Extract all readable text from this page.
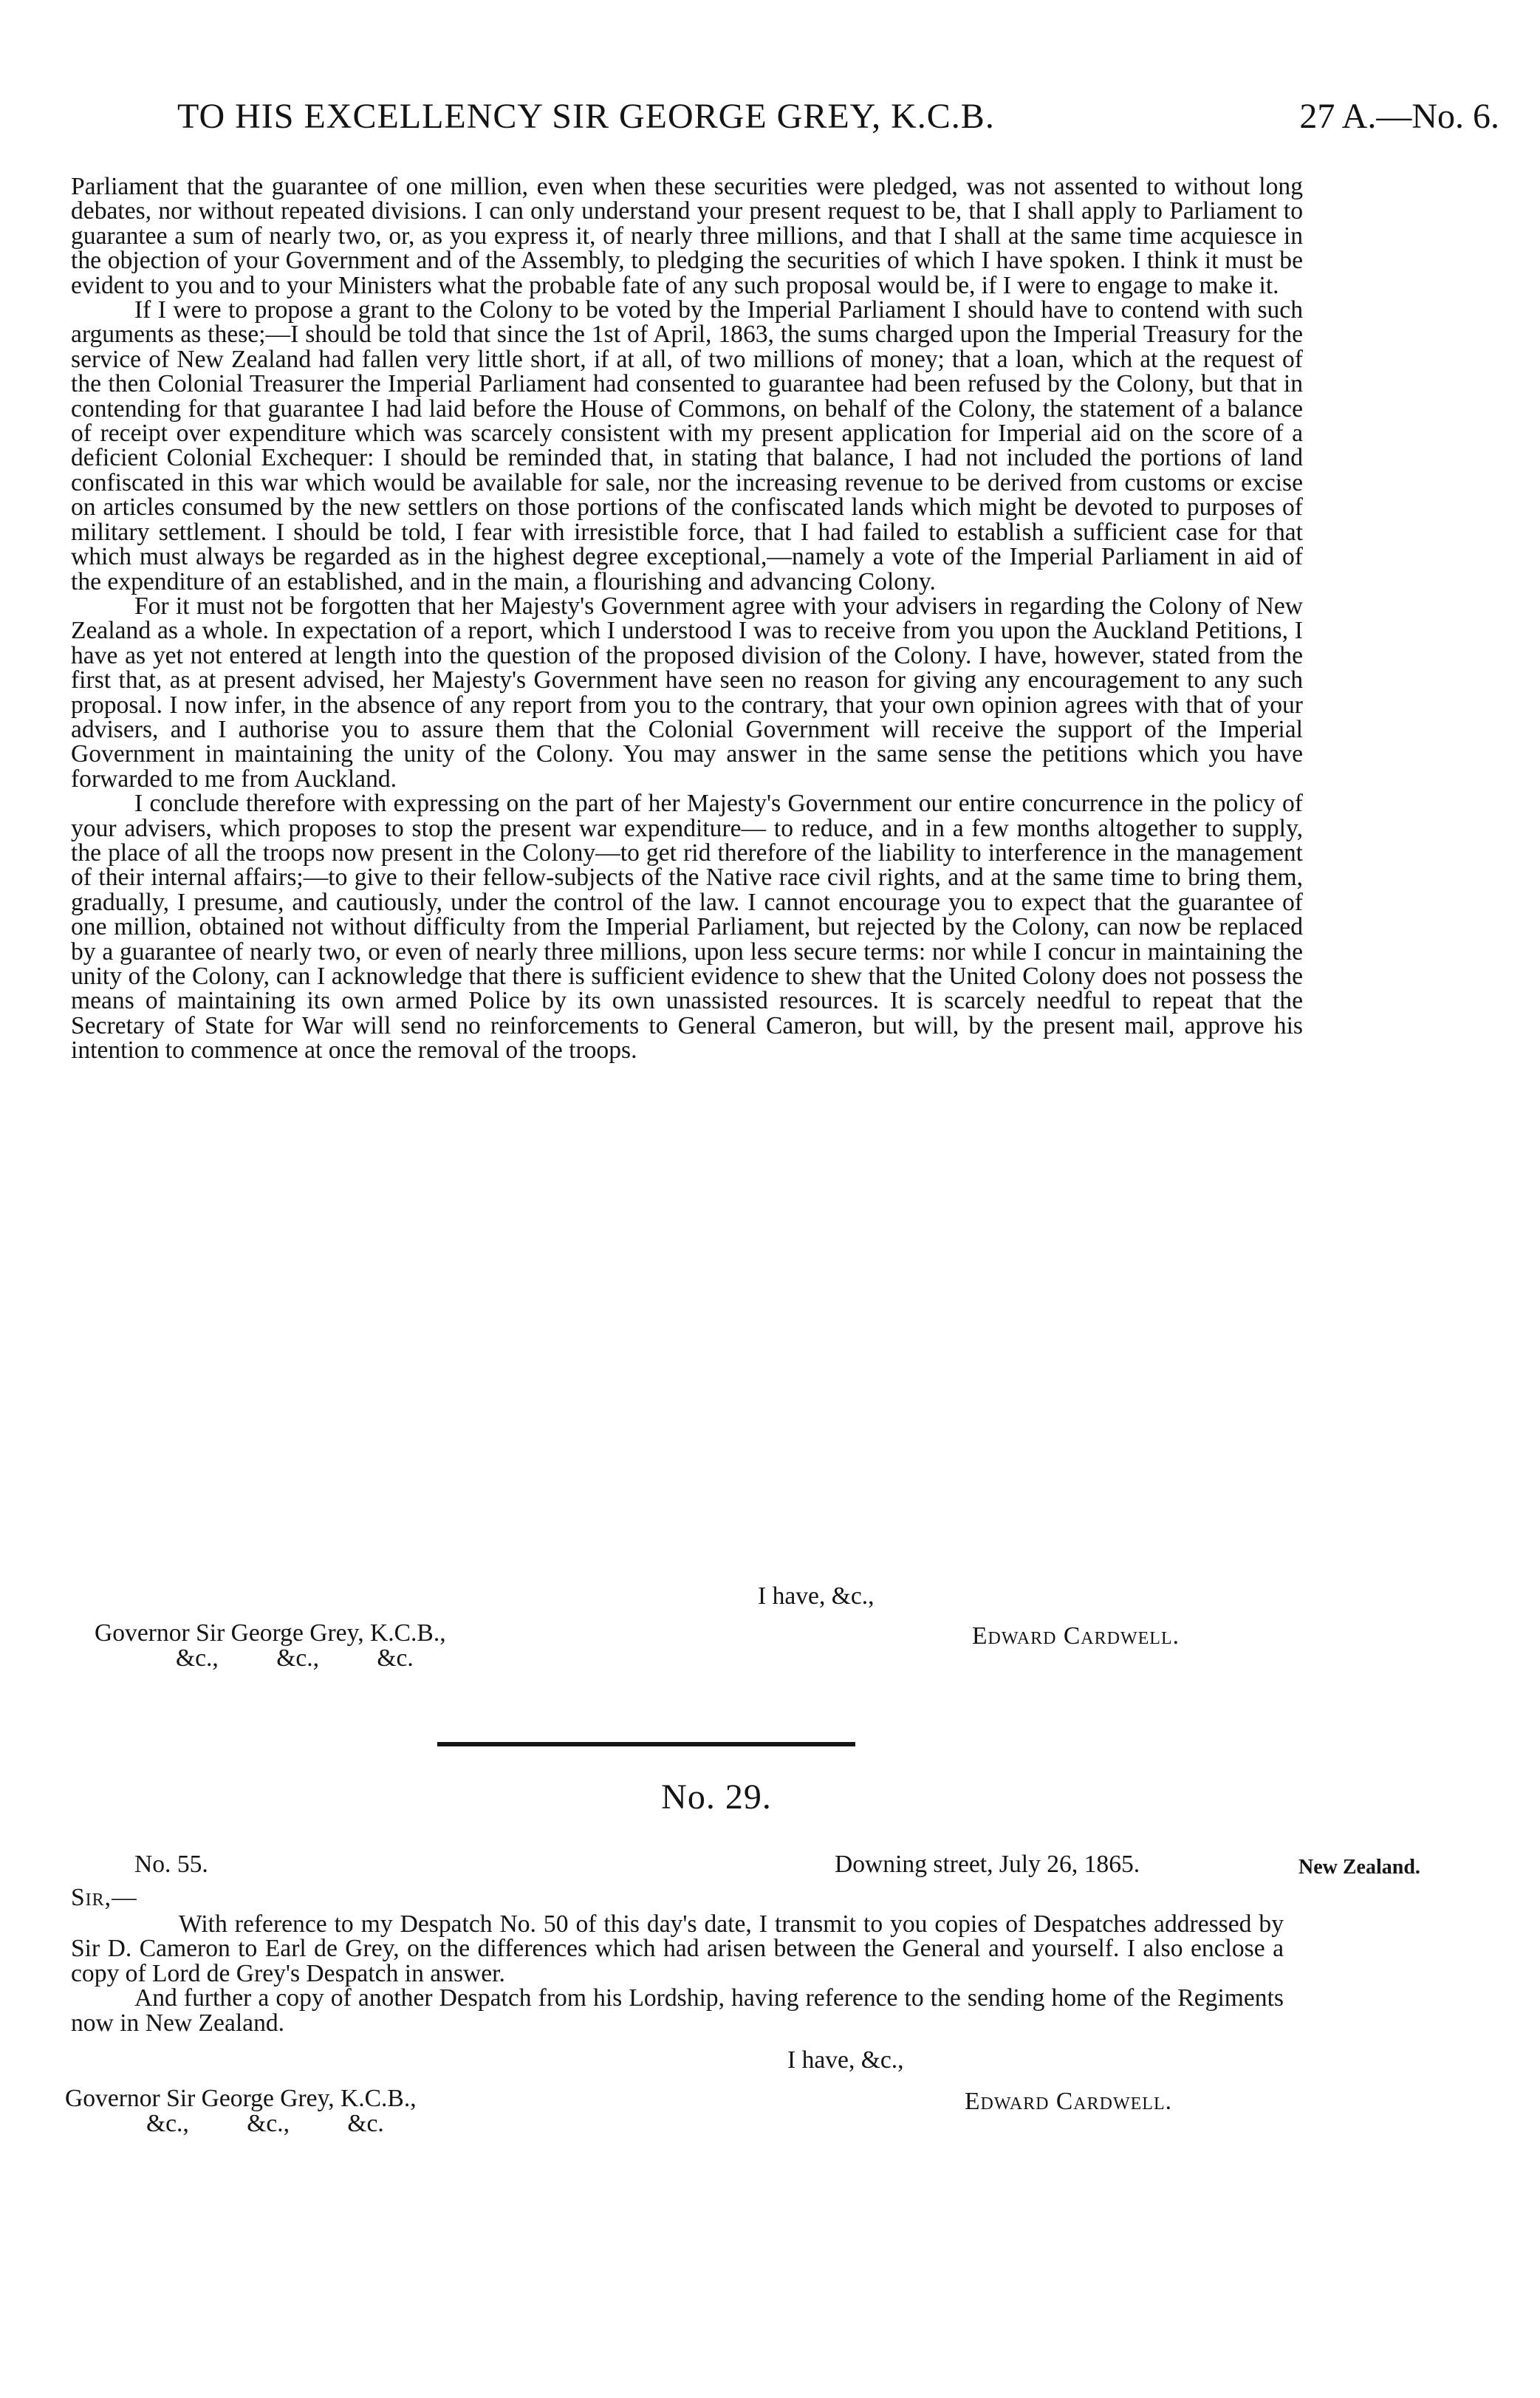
TO HIS EXCELLENCY SIR GEORGE GREY, K.C.B.	27 A.—No. 6.

Parliament that the guarantee of one million, even when these securities were pledged, was not assented to without long debates, nor without repeated divisions. I can only understand your present request to be, that I shall apply to Parliament to guarantee a sum of nearly two, or, as you express it, of nearly three millions, and that I shall at the same time acquiesce in the objection of your Government and of the Assembly, to pledging the securities of which I have spoken. I think it must be evident to you and to your Ministers what the probable fate of any such proposal would be, if I were to engage to make it.

If I were to propose a grant to the Colony to be voted by the Imperial Parliament I should have to contend with such arguments as these;—I should be told that since the 1st of April, 1863, the sums charged upon the Imperial Treasury for the service of New Zealand had fallen very little short, if at all, of two millions of money; that a loan, which at the request of the then Colonial Treasurer the Imperial Parliament had consented to guarantee had been refused by the Colony, but that in contending for that guarantee I had laid before the House of Commons, on behalf of the Colony, the statement of a balance of receipt over expenditure which was scarcely consistent with my present application for Imperial aid on the score of a deficient Colonial Exchequer: I should be reminded that, in stating that balance, I had not included the portions of land confiscated in this war which would be available for sale, nor the increasing revenue to be derived from customs or excise on articles consumed by the new settlers on those portions of the confiscated lands which might be devoted to purposes of military settlement. I should be told, I fear with irresistible force, that I had failed to establish a sufficient case for that which must always be regarded as in the highest degree exceptional,—namely a vote of the Imperial Parliament in aid of the expenditure of an established, and in the main, a flourishing and advancing Colony.

For it must not be forgotten that her Majesty's Government agree with your advisers in regarding the Colony of New Zealand as a whole. In expectation of a report, which I understood I was to receive from you upon the Auckland Petitions, I have as yet not entered at length into the question of the proposed division of the Colony. I have, however, stated from the first that, as at present advised, her Majesty's Government have seen no reason for giving any encouragement to any such proposal. I now infer, in the absence of any report from you to the contrary, that your own opinion agrees with that of your advisers, and I authorise you to assure them that the Colonial Government will receive the support of the Imperial Government in maintaining the unity of the Colony. You may answer in the same sense the petitions which you have forwarded to me from Auckland.

I conclude therefore with expressing on the part of her Majesty's Government our entire concurrence in the policy of your advisers, which proposes to stop the present war expenditure— to reduce, and in a few months altogether to supply, the place of all the troops now present in the Colony—to get rid therefore of the liability to interference in the management of their internal affairs;—to give to their fellow-subjects of the Native race civil rights, and at the same time to bring them, gradually, I presume, and cautiously, under the control of the law. I cannot encourage you to expect that the guarantee of one million, obtained not without difficulty from the Imperial Parliament, but rejected by the Colony, can now be replaced by a guarantee of nearly two, or even of nearly three millions, upon less secure terms: nor while I concur in maintaining the unity of the Colony, can I acknowledge that there is sufficient evidence to shew that the United Colony does not possess the means of maintaining its own armed Police by its own unassisted resources. It is scarcely needful to repeat that the Secretary of State for War will send no reinforcements to General Cameron, but will, by the present mail, approve his intention to commence at once the removal of the troops.

I have, &c.,
Governor Sir George Grey, K.C.B.,
&c., &c., &c.
Edward Cardwell.
No. 29.
No. 55.	Downing street, July 26, 1865.	New Zealand.
Sir,—

With reference to my Despatch No. 50 of this day's date, I transmit to you copies of Despatches addressed by Sir D. Cameron to Earl de Grey, on the differences which had arisen between the General and yourself. I also enclose a copy of Lord de Grey's Despatch in answer.

And further a copy of another Despatch from his Lordship, having reference to the sending home of the Regiments now in New Zealand.

I have, &c.,
Governor Sir George Grey, K.C.B.,
&c., &c., &c.
Edward Cardwell.
